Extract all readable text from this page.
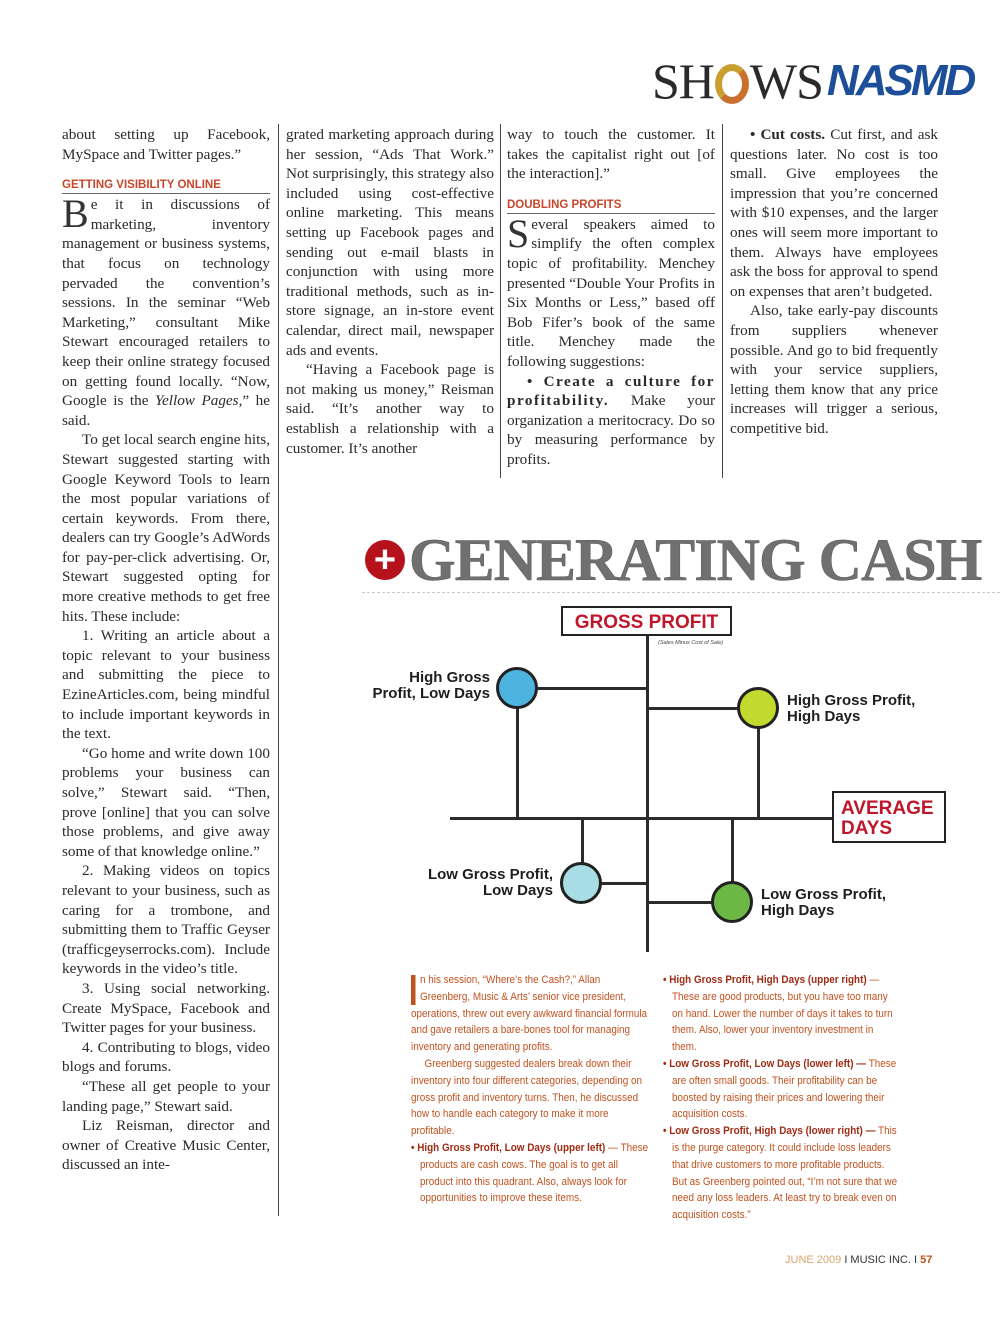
SH WS NASMD

about setting up Facebook, MySpace and Twitter pages.”

GETTING VISIBILITY ONLINE

Be it in discussions of marketing, inventory management or business systems, that focus on technology pervaded the convention’s sessions. In the seminar “Web Marketing,” consultant Mike Stewart encouraged retailers to keep their online strategy focused on getting found locally. “Now, Google is the Yellow Pages,” he said.

To get local search engine hits, Stewart suggested starting with Google Keyword Tools to learn the most popular variations of certain keywords. From there, dealers can try Google’s AdWords for pay-per-click advertising. Or, Stewart suggested opting for more creative methods to get free hits. These include:

1. Writing an article about a topic relevant to your business and submitting the piece to EzineArticles.com, being mindful to include important keywords in the text.

“Go home and write down 100 problems your business can solve,” Stewart said. “Then, prove [online] that you can solve those problems, and give away some of that knowledge online.”

2. Making videos on topics relevant to your business, such as caring for a trombone, and submitting them to Traffic Geyser (trafficgeyserrocks.com). Include keywords in the video’s title.

3. Using social networking. Create MySpace, Facebook and Twitter pages for your business.

4. Contributing to blogs, video blogs and forums.

“These all get people to your landing page,” Stewart said.

Liz Reisman, director and owner of Creative Music Center, discussed an inte-

grated marketing approach during her session, “Ads That Work.” Not surprisingly, this strategy also included using cost-effective online marketing. This means setting up Facebook pages and sending out e-mail blasts in conjunction with using more traditional methods, such as in-store signage, an in-store event calendar, direct mail, newspaper ads and events.

“Having a Facebook page is not making us money,” Reisman said. “It’s another way to establish a relationship with a customer. It’s another

way to touch the customer. It takes the capitalist right out [of the interaction].”

DOUBLING PROFITS

Several speakers aimed to simplify the often complex topic of profitability. Menchey presented “Double Your Profits in Six Months or Less,” based off Bob Fifer’s book of the same title. Menchey made the following suggestions:

• Create a culture for profitability. Make your organization a meritocracy. Do so by measuring performance by profits.

• Cut costs. Cut first, and ask questions later. No cost is too small. Give employees the impression that you’re concerned with $10 expenses, and the larger ones will seem more important to them. Always have employees ask the boss for approval to spend on expenses that aren’t budgeted.

Also, take early-pay discounts from suppliers whenever possible. And go to bid frequently with your service suppliers, letting them know that any price increases will trigger a serious, competitive bid.

+ GENERATING CASH
High Gross
Profit, Low Days	High Gross Profit,
High Days
Low Gross Profit,
Low Days	Low Gross Profit,
High Days
GROSS PROFIT
(Sales Minus Cost of Sale)
AVERAGE
DAYS

n his session, “Where’s the Cash?,” Allan Greenberg, Music & Arts’ senior vice president, operations, threw out every awkward financial formula and gave retailers a bare-bones tool for managing inventory and generating profits.

Greenberg suggested dealers break down their inventory into four different categories, depending on gross profit and inventory turns. Then, he discussed how to handle each category to make it more profitable.

• High Gross Profit, Low Days (upper left) — These products are cash cows. The goal is to get all product into this quadrant. Also, always look for opportunities to improve these items.

• High Gross Profit, High Days (upper right) — These are good products, but you have too many on hand. Lower the number of days it takes to turn them. Also, lower your inventory investment in them.

• Low Gross Profit, Low Days (lower left) — These are often small goods. Their profitability can be boosted by raising their prices and lowering their acquisition costs.

• Low Gross Profit, High Days (lower right) — This is the purge category. It could include loss leaders that drive customers to more profitable products. But as Greenberg pointed out, “I’m not sure that we need any loss leaders. At least try to break even on acquisition costs.”

JUNE 2009 I MUSIC INC. I 57
